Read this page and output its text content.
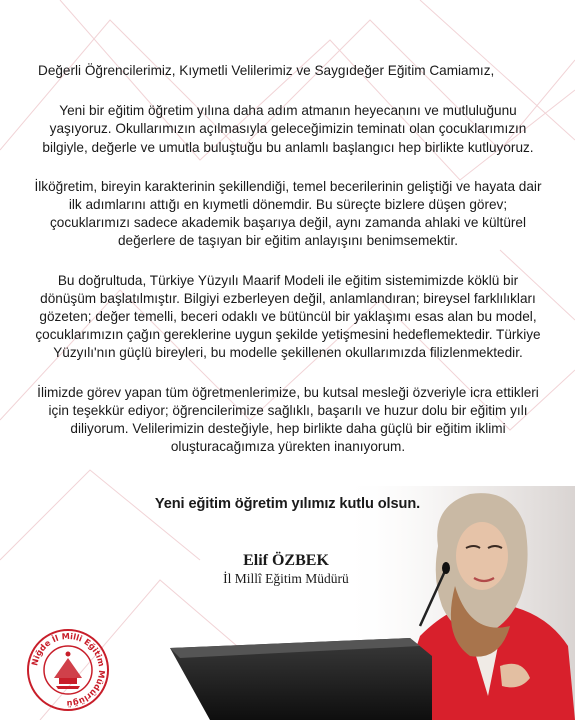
Değerli Öğrencilerimiz, Kıymetli Velilerimiz ve Saygıdeğer Eğitim Camiamız,

Yeni bir eğitim öğretim yılına daha adım atmanın heyecanını ve mutluluğunu yaşıyoruz. Okullarımızın açılmasıyla geleceğimizin teminatı olan çocuklarımızın bilgiyle, değerle ve umutla buluştuğu bu anlamlı başlangıcı hep birlikte kutluyoruz.

İlköğretim, bireyin karakterinin şekillendiği, temel becerilerinin geliştiği ve hayata dair ilk adımlarını attığı en kıymetli dönemdir. Bu süreçte bizlere düşen görev; çocuklarımızı sadece akademik başarıya değil, aynı zamanda ahlaki ve kültürel değerlere de taşıyan bir eğitim anlayışını benimsemektir.

Bu doğrultuda, Türkiye Yüzyılı Maarif Modeli ile eğitim sistemimizde köklü bir dönüşüm başlatılmıştır. Bilgiyi ezberleyen değil, anlamlandıran; bireysel farklılıkları gözeten; değer temelli, beceri odaklı ve bütüncül bir yaklaşımı esas alan bu model, çocuklarımızın çağın gereklerine uygun şekilde yetişmesini hedeflemektedir. Türkiye Yüzyılı'nın güçlü bireyleri, bu modelle şekillenen okullarımızda filizlenmektedir.

İlimizde görev yapan tüm öğretmenlerimize, bu kutsal mesleği özveriyle icra ettikleri için teşekkür ediyor; öğrencilerimize sağlıklı, başarılı ve huzur dolu bir eğitim yılı diliyorum. Velilerimizin desteğiyle, hep birlikte daha güçlü bir eğitim iklimi oluşturacağımıza yürekten inanıyorum.

Yeni eğitim öğretim yılımız kutlu olsun.
Elif ÖZBEK
İl Millî Eğitim Müdürü
Niğde İl Milli Eğitim Müdürlüğü
